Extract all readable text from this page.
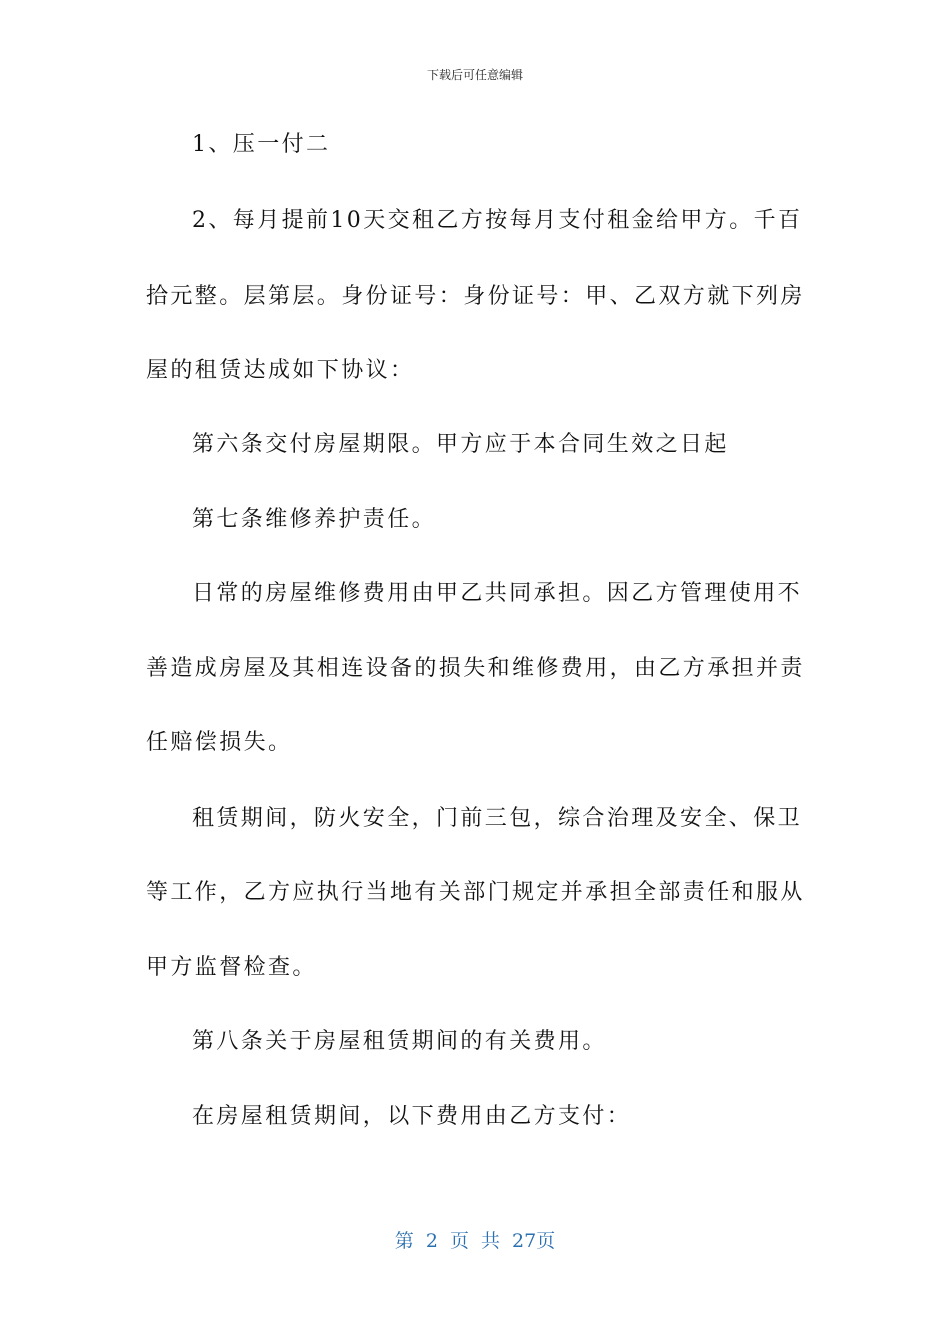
下载后可任意编辑
1、压一付二
2、每月提前10天交租乙方按每月支付租金给甲方。千百
拾元整。层第层。身份证号：身份证号：甲、乙双方就下列房
屋的租赁达成如下协议：
第六条交付房屋期限。甲方应于本合同生效之日起
第七条维修养护责任。
日常的房屋维修费用由甲乙共同承担。因乙方管理使用不
善造成房屋及其相连设备的损失和维修费用，由乙方承担并责
任赔偿损失。
租赁期间，防火安全，门前三包，综合治理及安全、保卫
等工作，乙方应执行当地有关部门规定并承担全部责任和服从
甲方监督检查。
第八条关于房屋租赁期间的有关费用。
在房屋租赁期间，以下费用由乙方支付：
第 2 页 共 27页
